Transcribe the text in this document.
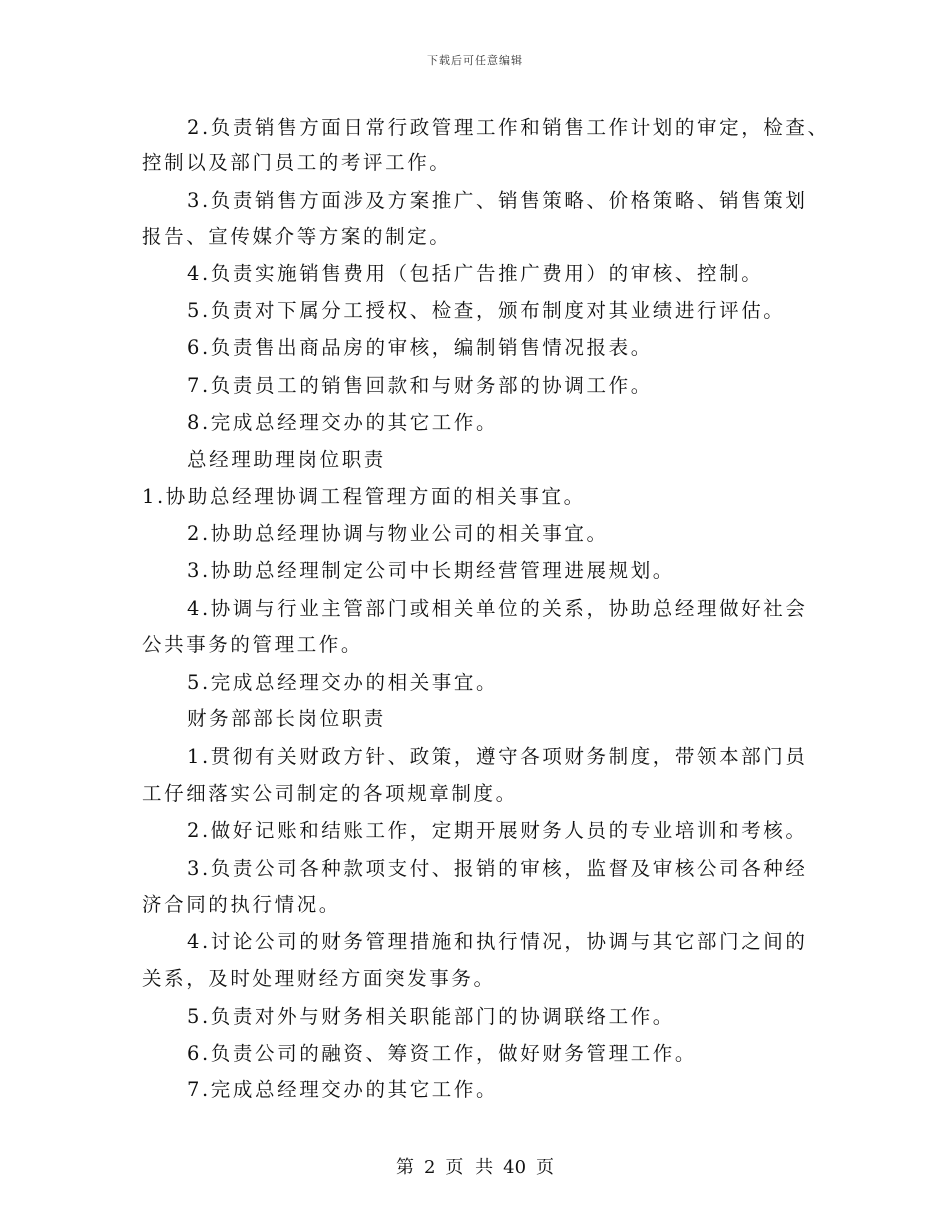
下载后可任意编辑
2.负责销售方面日常行政管理工作和销售工作计划的审定，检查、
控制以及部门员工的考评工作。
3.负责销售方面涉及方案推广、销售策略、价格策略、销售策划
报告、宣传媒介等方案的制定。
4.负责实施销售费用（包括广告推广费用）的审核、控制。
5.负责对下属分工授权、检查，颁布制度对其业绩进行评估。
6.负责售出商品房的审核，编制销售情况报表。
7.负责员工的销售回款和与财务部的协调工作。
8.完成总经理交办的其它工作。
总经理助理岗位职责
1.协助总经理协调工程管理方面的相关事宜。
2.协助总经理协调与物业公司的相关事宜。
3.协助总经理制定公司中长期经营管理进展规划。
4.协调与行业主管部门或相关单位的关系，协助总经理做好社会
公共事务的管理工作。
5.完成总经理交办的相关事宜。
财务部部长岗位职责
1.贯彻有关财政方针、政策，遵守各项财务制度，带领本部门员
工仔细落实公司制定的各项规章制度。
2.做好记账和结账工作，定期开展财务人员的专业培训和考核。
3.负责公司各种款项支付、报销的审核，监督及审核公司各种经
济合同的执行情况。
4.讨论公司的财务管理措施和执行情况，协调与其它部门之间的
关系，及时处理财经方面突发事务。
5.负责对外与财务相关职能部门的协调联络工作。
6.负责公司的融资、筹资工作，做好财务管理工作。
7.完成总经理交办的其它工作。
第 2 页 共 40 页
